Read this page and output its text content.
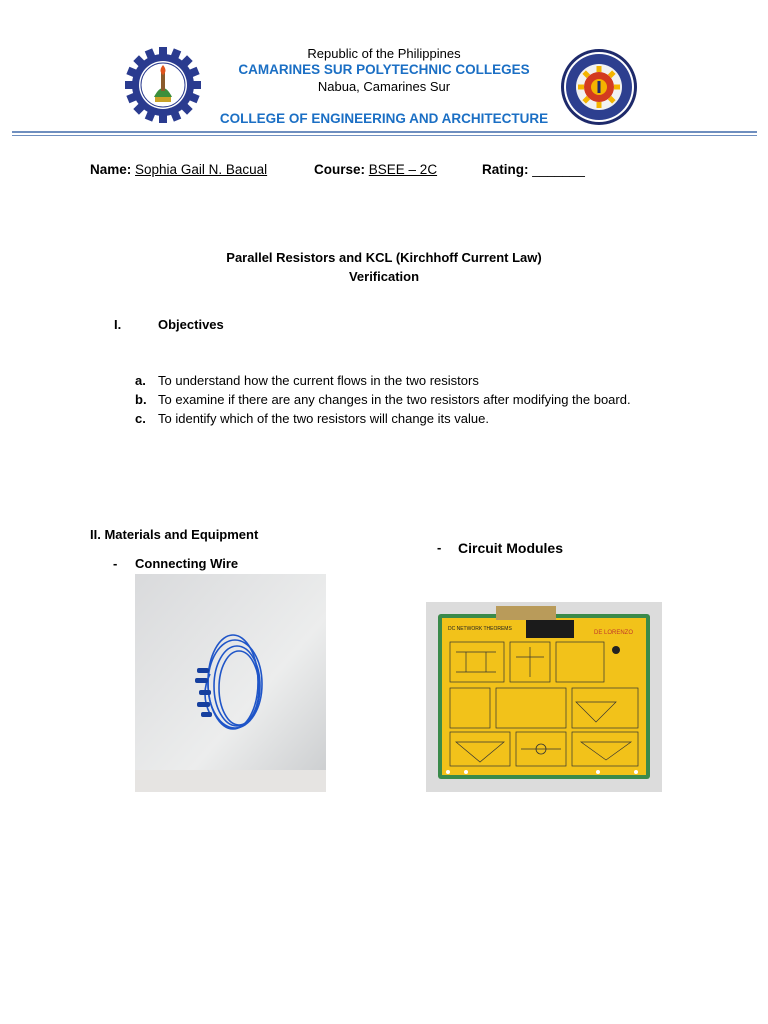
Republic of the Philippines
CAMARINES SUR POLYTECHNIC COLLEGES
Nabua, Camarines Sur
COLLEGE OF ENGINEERING AND ARCHITECTURE
Name: Sophia Gail N. Bacual	Course: BSEE – 2C	Rating: _______
Parallel Resistors and KCL (Kirchhoff Current Law)
Verification
I.	Objectives
a. To understand how the current flows in the two resistors
b. To examine if there are any changes in the two resistors after modifying the board.
c. To identify which of the two resistors will change its value.
II. Materials and Equipment
- Connecting Wire
- Circuit Modules
DC NETWORK THEOREMS
DE LORENZO
